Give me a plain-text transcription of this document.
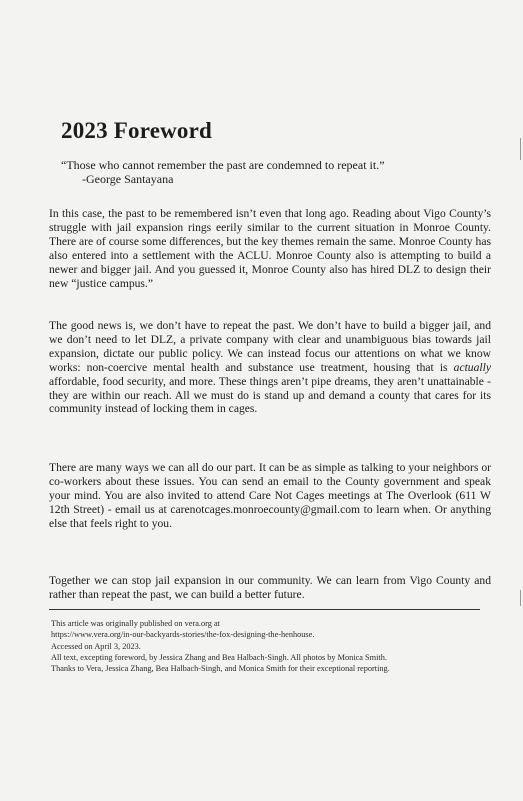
2023 Foreword
“Those who cannot remember the past are condemned to repeat it.”
-George Santayana

In this case, the past to be remembered isn’t even that long ago. Reading about Vigo County’s struggle with jail expansion rings eerily similar to the current situation in Monroe County. There are of course some differences, but the key themes remain the same. Monroe County has also entered into a settlement with the ACLU. Monroe County also is attempting to build a newer and bigger jail. And you guessed it, Monroe County also has hired DLZ to design their new “justice campus.”

The good news is, we don’t have to repeat the past. We don’t have to build a bigger jail, and we don’t need to let DLZ, a private company with clear and unambiguous bias towards jail expansion, dictate our public policy. We can instead focus our attentions on what we know works: non-coercive mental health and substance use treatment, housing that is actually affordable, food security, and more. These things aren’t pipe dreams, they aren’t unattainable - they are within our reach. All we must do is stand up and demand a county that cares for its community instead of locking them in cages.

There are many ways we can all do our part. It can be as simple as talking to your neighbors or co-workers about these issues. You can send an email to the County government and speak your mind. You are also invited to attend Care Not Cages meetings at The Overlook (611 W 12th Street) - email us at carenotcages.monroecounty@gmail.com to learn when. Or anything else that feels right to you.

Together we can stop jail expansion in our community. We can learn from Vigo County and rather than repeat the past, we can build a better future.

This article was originally published on vera.org at
https://www.vera.org/in-our-backyards-stories/the-fox-designing-the-henhouse.
Accessed on April 3, 2023.
All text, excepting foreword, by Jessica Zhang and Bea Halbach-Singh. All photos by Monica Smith.
Thanks to Vera, Jessica Zhang, Bea Halbach-Singh, and Monica Smith for their exceptional reporting.
